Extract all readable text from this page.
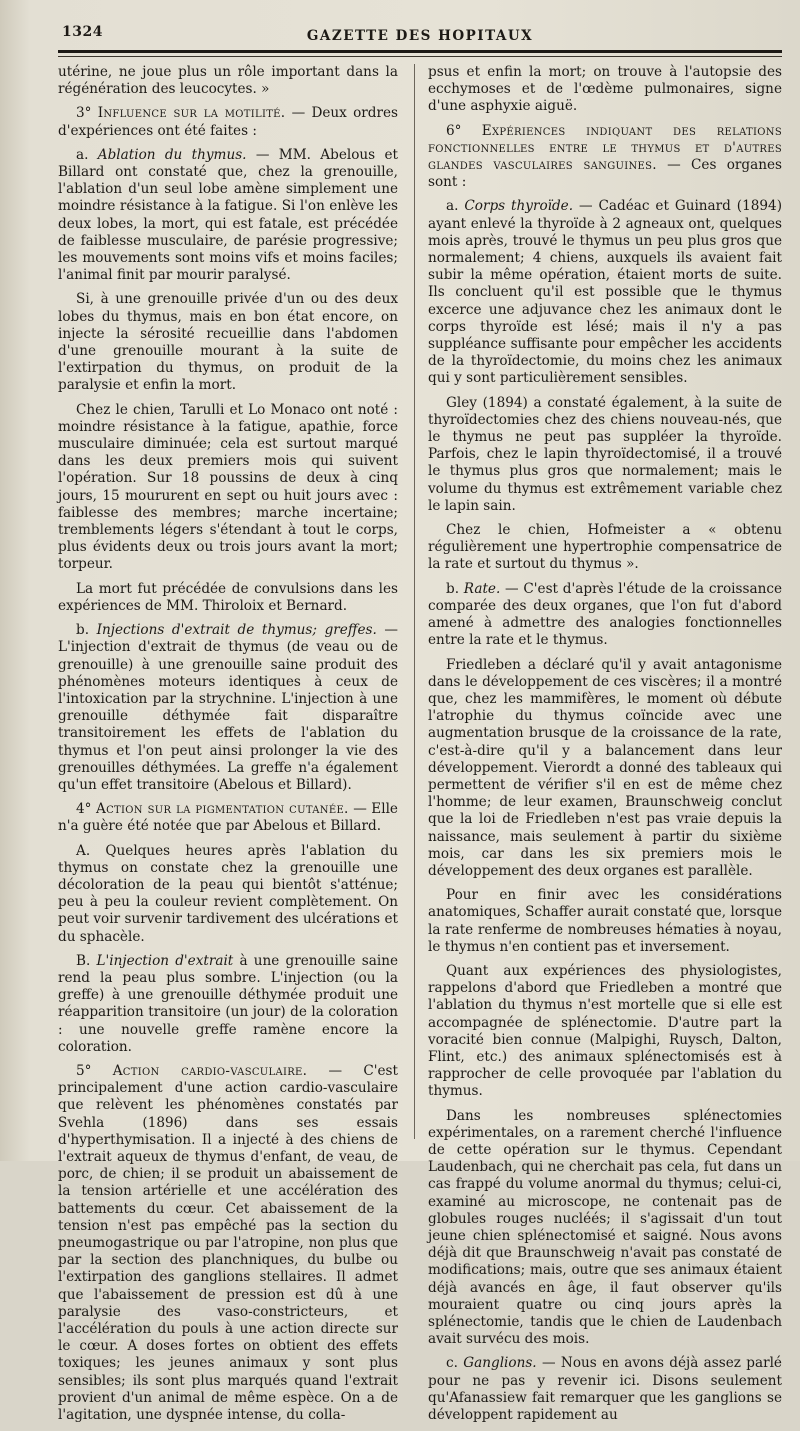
1324	GAZETTE DES HOPITAUX

utérine, ne joue plus un rôle important dans la régénération des leucocytes. »

3° Influence sur la motilité. — Deux ordres d'expériences ont été faites :

a. Ablation du thymus. — MM. Abelous et Billard ont constaté que, chez la grenouille, l'ablation d'un seul lobe amène simplement une moindre résistance à la fatigue. Si l'on enlève les deux lobes, la mort, qui est fatale, est précédée de faiblesse musculaire, de parésie progressive; les mouvements sont moins vifs et moins faciles; l'animal finit par mourir paralysé.

Si, à une grenouille privée d'un ou des deux lobes du thymus, mais en bon état encore, on injecte la sérosité recueillie dans l'abdomen d'une grenouille mourant à la suite de l'extirpation du thymus, on produit de la paralysie et enfin la mort.

Chez le chien, Tarulli et Lo Monaco ont noté : moindre résistance à la fatigue, apathie, force musculaire diminuée; cela est surtout marqué dans les deux premiers mois qui suivent l'opération. Sur 18 poussins de deux à cinq jours, 15 moururent en sept ou huit jours avec : faiblesse des membres; marche incertaine; tremblements légers s'étendant à tout le corps, plus évidents deux ou trois jours avant la mort; torpeur.

La mort fut précédée de convulsions dans les expériences de MM. Thiroloix et Bernard.

b. Injections d'extrait de thymus; greffes. — L'injection d'extrait de thymus (de veau ou de grenouille) à une grenouille saine produit des phénomènes moteurs identiques à ceux de l'intoxication par la strychnine. L'injection à une grenouille déthymée fait disparaître transitoirement les effets de l'ablation du thymus et l'on peut ainsi prolonger la vie des grenouilles déthymées. La greffe n'a également qu'un effet transitoire (Abelous et Billard).

4° Action sur la pigmentation cutanée. — Elle n'a guère été notée que par Abelous et Billard.

A. Quelques heures après l'ablation du thymus on constate chez la grenouille une décoloration de la peau qui bientôt s'atténue; peu à peu la couleur revient complètement. On peut voir survenir tardivement des ulcérations et du sphacèle.

B. L'injection d'extrait à une grenouille saine rend la peau plus sombre. L'injection (ou la greffe) à une grenouille déthymée produit une réapparition transitoire (un jour) de la coloration : une nouvelle greffe ramène encore la coloration.

5° Action cardio-vasculaire. — C'est principalement d'une action cardio-vasculaire que relèvent les phénomènes constatés par Svehla (1896) dans ses essais d'hyperthymisation. Il a injecté à des chiens de l'extrait aqueux de thymus d'enfant, de veau, de porc, de chien; il se produit un abaissement de la tension artérielle et une accélération des battements du cœur. Cet abaissement de la tension n'est pas empêché pas la section du pneumogastrique ou par l'atropine, non plus que par la section des planchniques, du bulbe ou l'extirpation des ganglions stellaires. Il admet que l'abaissement de pression est dû à une paralysie des vaso-constricteurs, et l'accélération du pouls à une action directe sur le cœur. A doses fortes on obtient des effets toxiques; les jeunes animaux y sont plus sensibles; ils sont plus marqués quand l'extrait provient d'un animal de même espèce. On a de l'agitation, une dyspnée intense, du colla-

psus et enfin la mort; on trouve à l'autopsie des ecchymoses et de l'œdème pulmonaires, signe d'une asphyxie aiguë.

6° Expériences indiquant des relations fonctionnelles entre le thymus et d'autres glandes vasculaires sanguines. — Ces organes sont :

a. Corps thyroïde. — Cadéac et Guinard (1894) ayant enlevé la thyroïde à 2 agneaux ont, quelques mois après, trouvé le thymus un peu plus gros que normalement; 4 chiens, auxquels ils avaient fait subir la même opération, étaient morts de suite. Ils concluent qu'il est possible que le thymus excerce une adjuvance chez les animaux dont le corps thyroïde est lésé; mais il n'y a pas suppléance suffisante pour empêcher les accidents de la thyroïdectomie, du moins chez les animaux qui y sont particulièrement sensibles.

Gley (1894) a constaté également, à la suite de thyroïdectomies chez des chiens nouveau-nés, que le thymus ne peut pas suppléer la thyroïde. Parfois, chez le lapin thyroïdectomisé, il a trouvé le thymus plus gros que normalement; mais le volume du thymus est extrêmement variable chez le lapin sain.

Chez le chien, Hofmeister a « obtenu régulièrement une hypertrophie compensatrice de la rate et surtout du thymus ».

b. Rate. — C'est d'après l'étude de la croissance comparée des deux organes, que l'on fut d'abord amené à admettre des analogies fonctionnelles entre la rate et le thymus.

Friedleben a déclaré qu'il y avait antagonisme dans le développement de ces viscères; il a montré que, chez les mammifères, le moment où débute l'atrophie du thymus coïncide avec une augmentation brusque de la croissance de la rate, c'est-à-dire qu'il y a balancement dans leur développement. Vierordt a donné des tableaux qui permettent de vérifier s'il en est de même chez l'homme; de leur examen, Braunschweig conclut que la loi de Friedleben n'est pas vraie depuis la naissance, mais seulement à partir du sixième mois, car dans les six premiers mois le développement des deux organes est parallèle.

Pour en finir avec les considérations anatomiques, Schaffer aurait constaté que, lorsque la rate renferme de nombreuses hématies à noyau, le thymus n'en contient pas et inversement.

Quant aux expériences des physiologistes, rappelons d'abord que Friedleben a montré que l'ablation du thymus n'est mortelle que si elle est accompagnée de splénectomie. D'autre part la voracité bien connue (Malpighi, Ruysch, Dalton, Flint, etc.) des animaux splénectomisés est à rapprocher de celle provoquée par l'ablation du thymus.

Dans les nombreuses splénectomies expérimentales, on a rarement cherché l'influence de cette opération sur le thymus. Cependant Laudenbach, qui ne cherchait pas cela, fut dans un cas frappé du volume anormal du thymus; celui-ci, examiné au microscope, ne contenait pas de globules rouges nucléés; il s'agissait d'un tout jeune chien splénectomisé et saigné. Nous avons déjà dit que Braunschweig n'avait pas constaté de modifications; mais, outre que ses animaux étaient déjà avancés en âge, il faut observer qu'ils mouraient quatre ou cinq jours après la splénectomie, tandis que le chien de Laudenbach avait survécu des mois.

c. Ganglions. — Nous en avons déjà assez parlé pour ne pas y revenir ici. Disons seulement qu'Afanassiew fait remarquer que les ganglions se développent rapidement au
